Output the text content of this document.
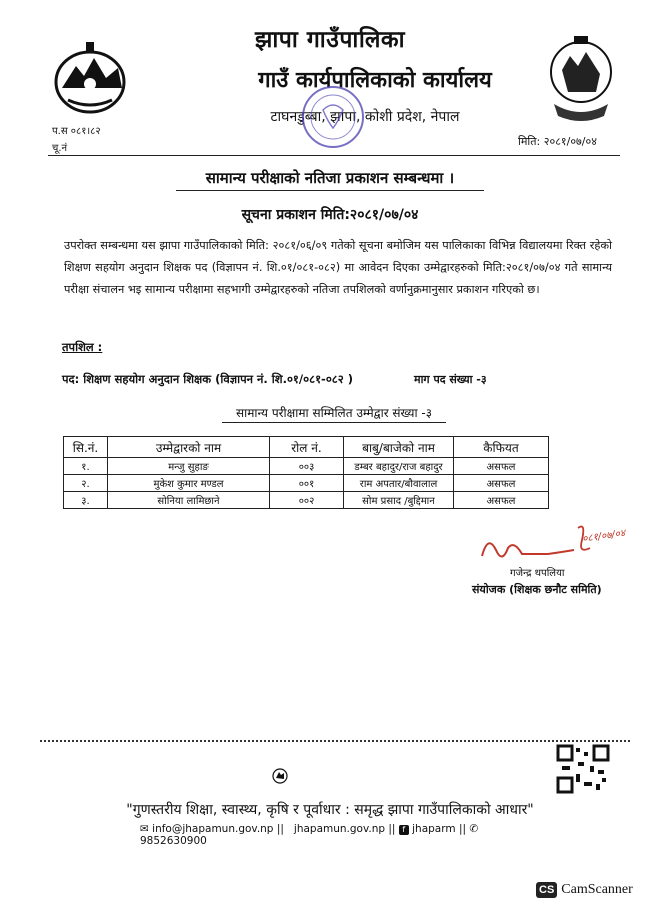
झापा गाउँपालिका
गाउँ कार्यपालिकाको कार्यालय
टाघनडुब्बा, झापा, कोशी प्रदेश, नेपाल
प.स ०८१।८२
चू.नं
मिति: २०८१/०७/०४
सामान्य परीक्षाको नतिजा प्रकाशन सम्बन्धमा ।
सूचना प्रकाशन मिति:२०८१/०७/०४
उपरोक्त सम्बन्धमा यस झापा गाउँपालिकाको मिति: २०८१/०६/०९ गतेको सूचना बमोजिम यस पालिकाका विभिन्न विद्यालयमा रिक्त रहेको शिक्षण सहयोग अनुदान शिक्षक पद (विज्ञापन नं. शि.०१/०८१-०८२) मा आवेदन दिएका उम्मेद्वारहरुको मिति:२०८१/०७/०४ गते सामान्य परीक्षा संचालन भइ सामान्य परीक्षामा सहभागी उम्मेद्वारहरुको नतिजा तपशिलको वर्णानुक्रमानुसार प्रकाशन गरिएको छ।
तपशिल :
पद: शिक्षण सहयोग अनुदान शिक्षक (विज्ञापन नं. शि.०१/०८१-०८२ )	माग पद संख्या -३
सामान्य परीक्षामा सम्मिलित उम्मेद्वार संख्या -३
सि.नं.	उम्मेद्वारको नाम	रोल नं.	बाबु/बाजेको नाम	कैफियत
१.	मन्जु सुहाङ	००३	डम्बर बहादुर/राज बहादुर	असफल
२.	मुकेश कुमार मण्डल	००१	राम अपतार/बौवालाल	असफल
३.	सोनिया लामिछाने	००२	सोम प्रसाद /बुद्दिमान	असफल
०८१/०७/०४
गजेन्द्र थपलिया
संयोजक (शिक्षक छनौट समिति)
"गुणस्तरीय शिक्षा, स्वास्थ्य, कृषि र पूर्वाधार : समृद्ध झापा गाउँपालिकाको आधार"
✉ info@jhapamun.gov.np || jhapamun.gov.np || f jhaparm || ✆ 9852630900
CS CamScanner
